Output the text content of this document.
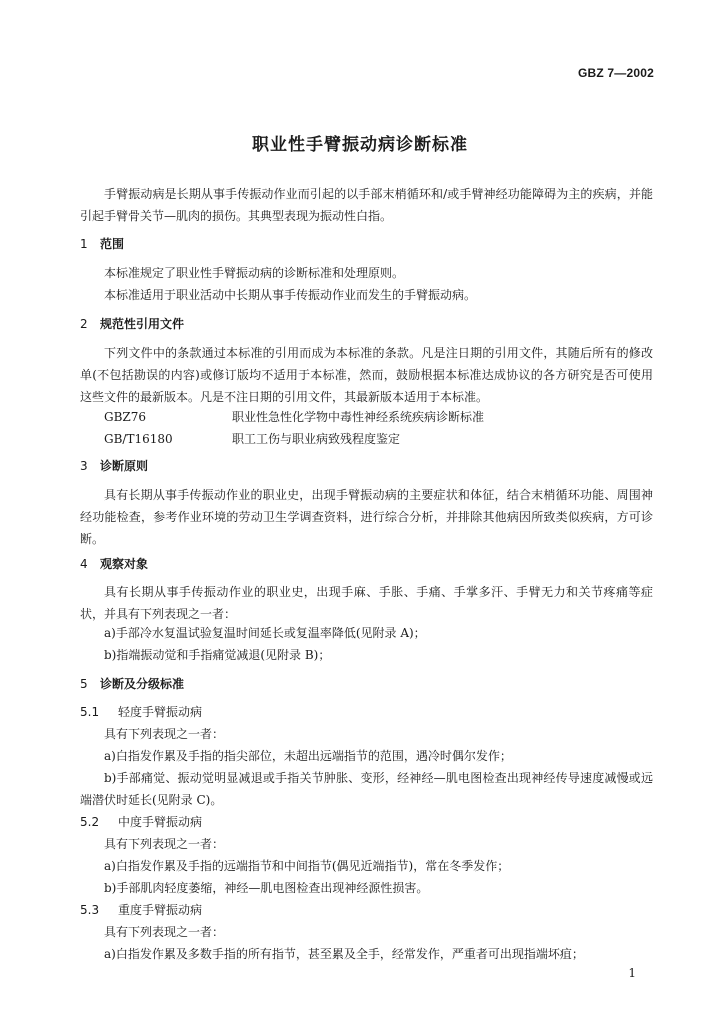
GBZ 7—2002
职业性手臂振动病诊断标准
手臂振动病是长期从事手传振动作业而引起的以手部末梢循环和/或手臂神经功能障碍为主的疾病，并能引起手臂骨关节—肌肉的损伤。其典型表现为振动性白指。
1 范围
本标准规定了职业性手臂振动病的诊断标准和处理原则。
本标准适用于职业活动中长期从事手传振动作业而发生的手臂振动病。
2 规范性引用文件
下列文件中的条款通过本标准的引用而成为本标准的条款。凡是注日期的引用文件，其随后所有的修改单(不包括勘误的内容)或修订版均不适用于本标准，然而，鼓励根据本标准达成协议的各方研究是否可使用这些文件的最新版本。凡是不注日期的引用文件，其最新版本适用于本标准。
GBZ76	职业性急性化学物中毒性神经系统疾病诊断标准
GB/T16180	职工工伤与职业病致残程度鉴定
3 诊断原则
具有长期从事手传振动作业的职业史，出现手臂振动病的主要症状和体征，结合末梢循环功能、周围神经功能检查，参考作业环境的劳动卫生学调查资料，进行综合分析，并排除其他病因所致类似疾病，方可诊断。
4 观察对象
具有长期从事手传振动作业的职业史，出现手麻、手胀、手痛、手掌多汗、手臂无力和关节疼痛等症状，并具有下列表现之一者：
a)手部冷水复温试验复温时间延长或复温率降低(见附录 A)；
b)指端振动觉和手指痛觉减退(见附录 B)；
5 诊断及分级标准
5.1 轻度手臂振动病
具有下列表现之一者：
a)白指发作累及手指的指尖部位，未超出远端指节的范围，遇冷时偶尔发作；
b)手部痛觉、振动觉明显减退或手指关节肿胀、变形，经神经—肌电图检查出现神经传导速度减慢或远端潜伏时延长(见附录 C)。
5.2 中度手臂振动病
具有下列表现之一者：
a)白指发作累及手指的远端指节和中间指节(偶见近端指节)，常在冬季发作；
b)手部肌肉轻度萎缩，神经—肌电图检查出现神经源性损害。
5.3 重度手臂振动病
具有下列表现之一者：
a)白指发作累及多数手指的所有指节，甚至累及全手，经常发作，严重者可出现指端坏疽；
1
